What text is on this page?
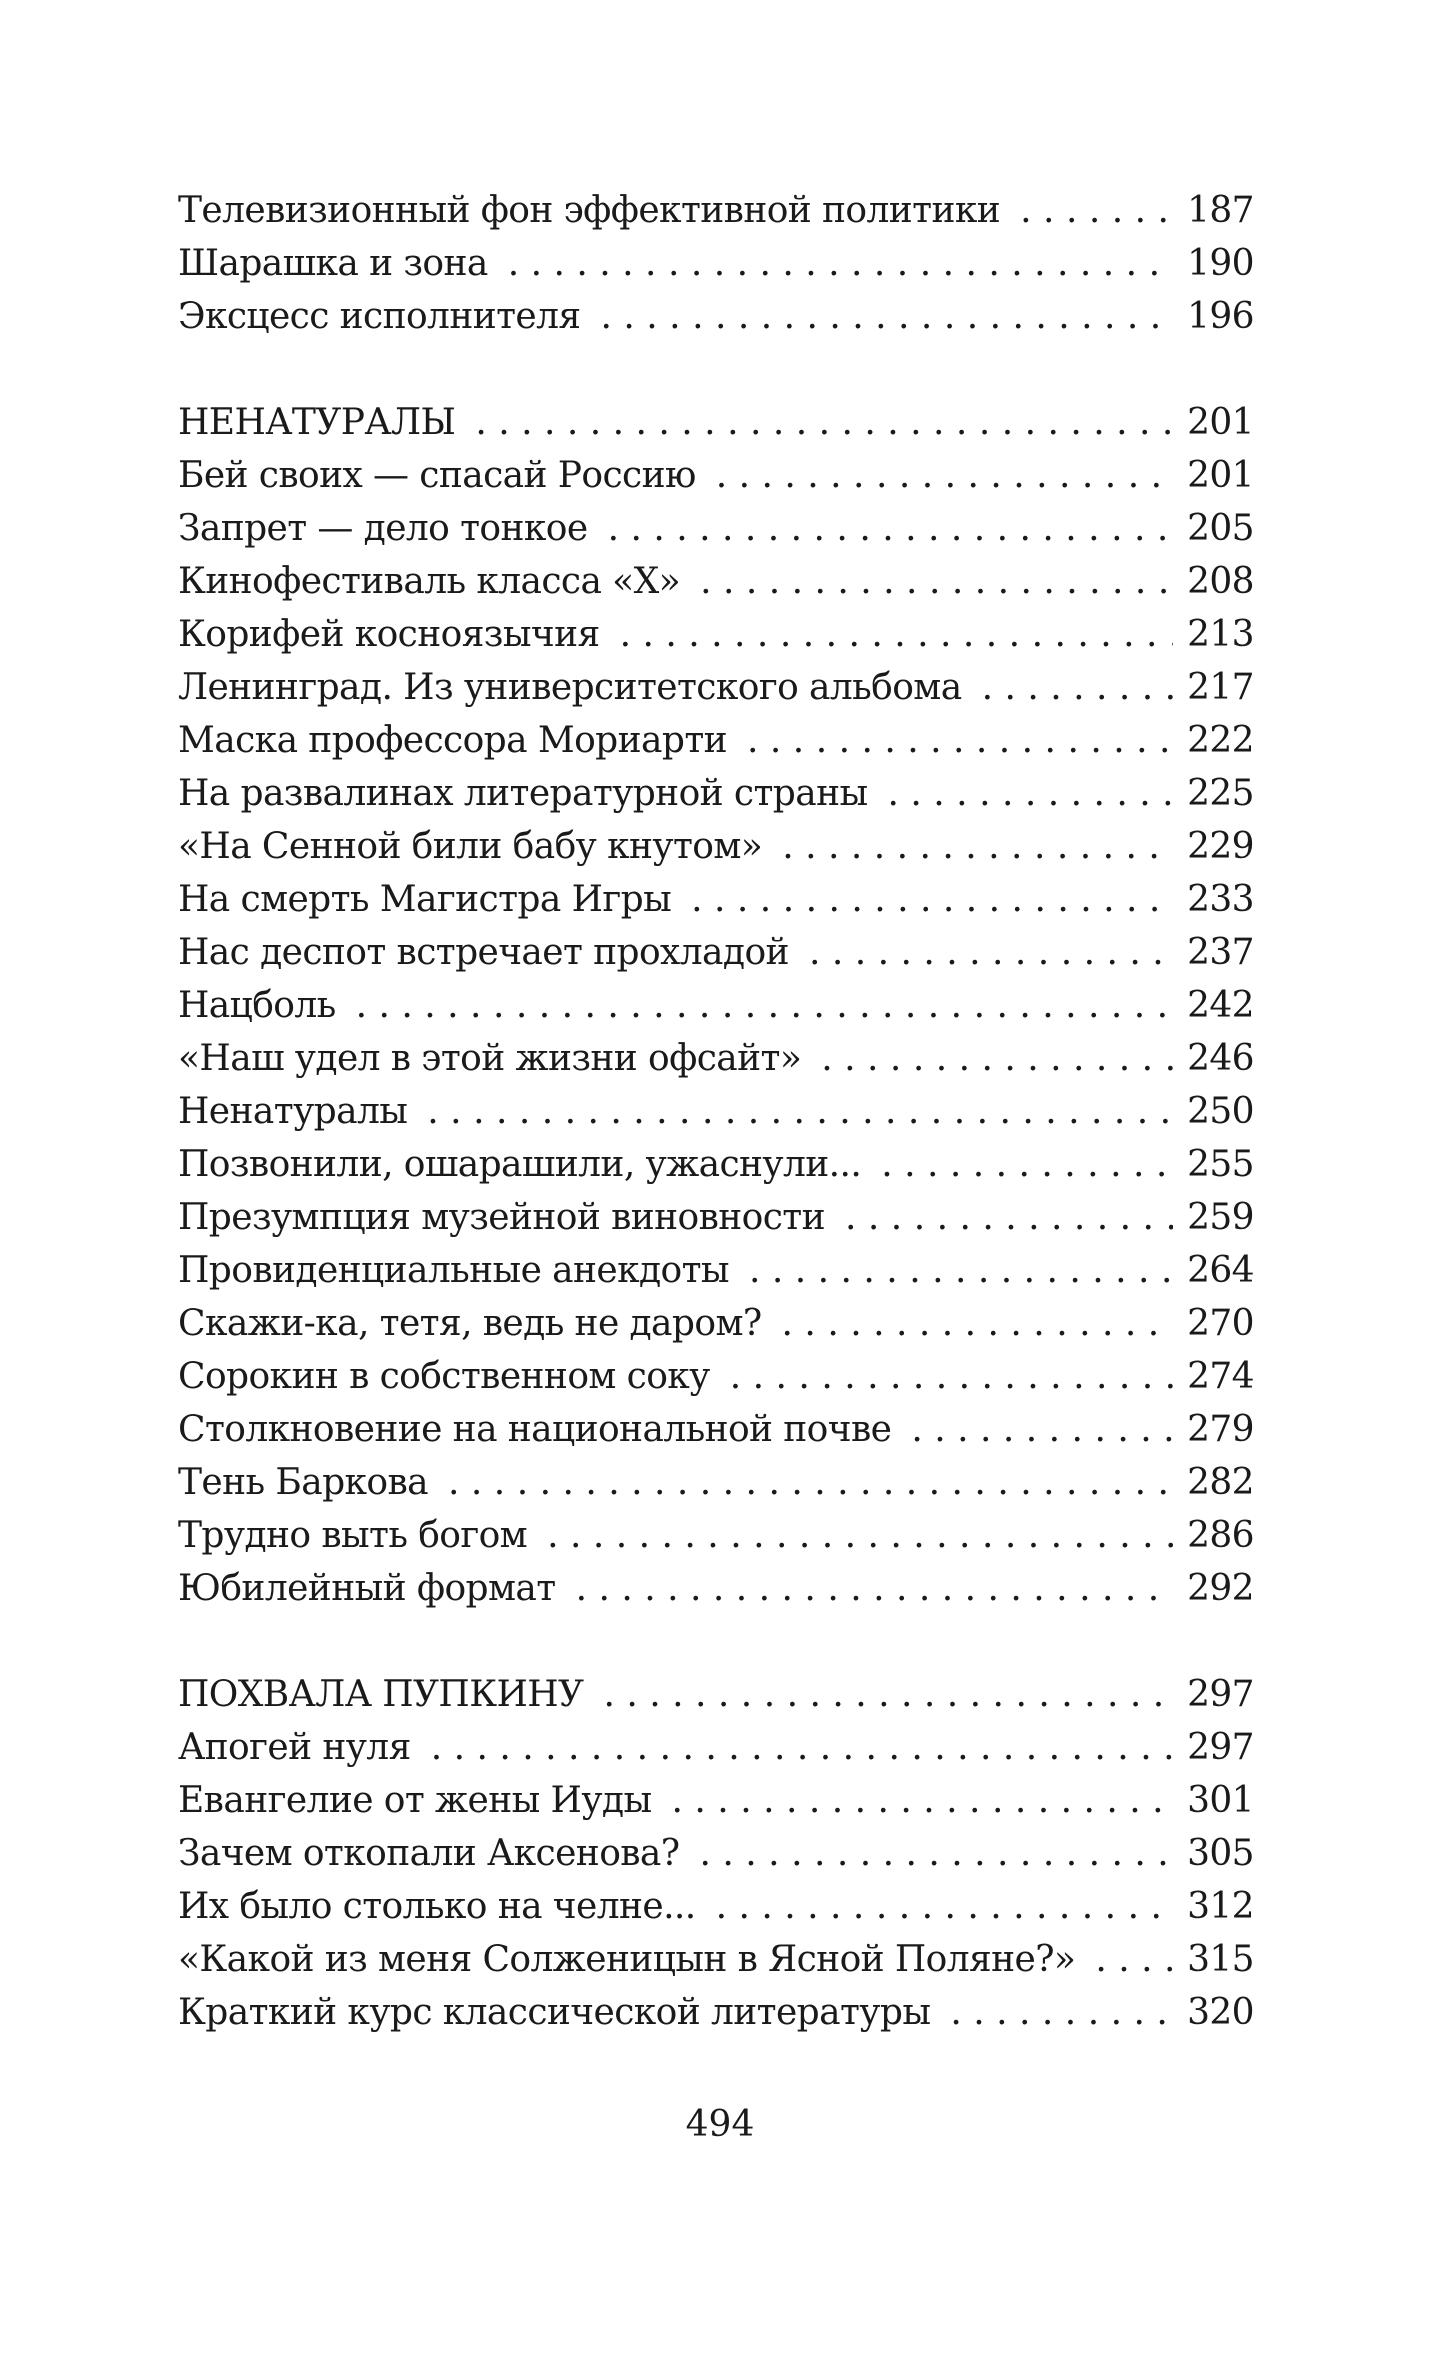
Телевизионный фон эффективной политики . . .	187
Шарашка и зона . . .	190
Эксцесс исполнителя . . .	196
НЕНАТУРАЛЫ . . .	201
Бей своих — спасай Россию . . .	201
Запрет — дело тонкое . . .	205
Кинофестиваль класса «Х» . . .	208
Корифей косноязычия . . .	213
Ленинград. Из университетского альбома . . .	217
Маска профессора Мориарти . . .	222
На развалинах литературной страны . . .	225
«На Сенной били бабу кнутом» . . .	229
На смерть Магистра Игры . . .	233
Нас деспот встречает прохладой . . .	237
Нацболь . . .	242
«Наш удел в этой жизни офсайт» . . .	246
Ненатуралы . . .	250
Позвонили, ошарашили, ужаснули... . . .	255
Презумпция музейной виновности . . .	259
Провиденциальные анекдоты . . .	264
Скажи-ка, тетя, ведь не даром? . . .	270
Сорокин в собственном соку . . .	274
Столкновение на национальной почве . . .	279
Тень Баркова . . .	282
Трудно выть богом . . .	286
Юбилейный формат . . .	292
ПОХВАЛА ПУПКИНУ . . .	297
Апогей нуля . . .	297
Евангелие от жены Иуды . . .	301
Зачем откопали Аксенова? . . .	305
Их было столько на челне... . . .	312
«Какой из меня Солженицын в Ясной Поляне?» . . .	315
Краткий курс классической литературы . . .	320
494
